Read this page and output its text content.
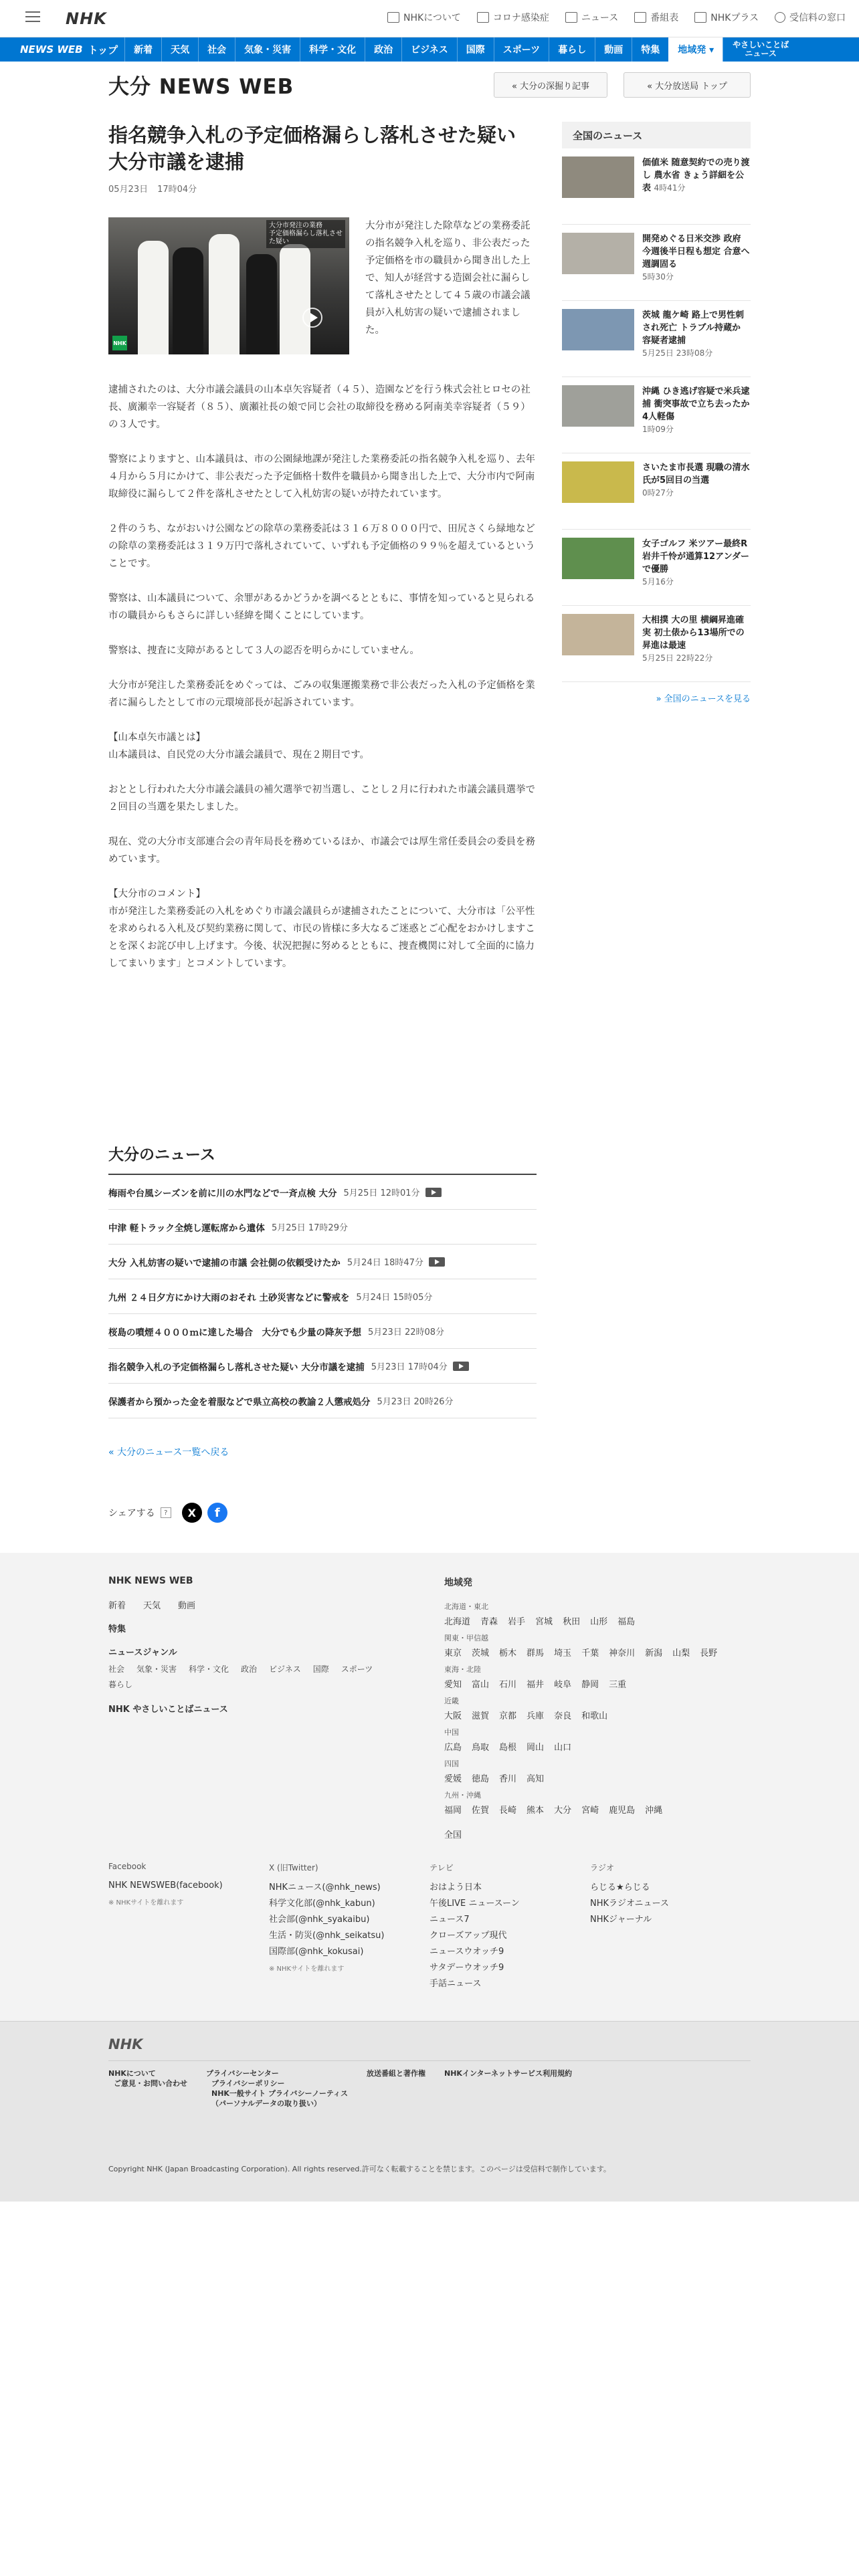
NHK	NHKについて	コロナ感染症	ニュース	番組表	NHKプラス	受信料の窓口
NEWS WEB トップ	新着	天気	社会	気象・災害	科学・文化	政治	ビジネス	国際	スポーツ	暮らし	動画	特集	地域発 ▾	やさしいことば
ニュース
大分 NEWS WEB	« 大分の深掘り記事	« 大分放送局 トップ
指名競争入札の予定価格漏らし落札させた疑い 大分市議を逮捕
05月23日 17時04分
大分市発注の業務
予定価格漏らし落札させた疑い
NHK
大分市が発注した除草などの業務委託の指名競争入札を巡り、非公表だった予定価格を市の職員から聞き出した上で、知人が経営する造園会社に漏らして落札させたとして４５歳の市議会議員が入札妨害の疑いで逮捕されました。

逮捕されたのは、大分市議会議員の山本卓矢容疑者（４５）、造園などを行う株式会社ヒロセの社長、廣瀬幸一容疑者（８５）、廣瀬社長の娘で同じ会社の取締役を務める阿南美幸容疑者（５９）の３人です。

警察によりますと、山本議員は、市の公園緑地課が発注した業務委託の指名競争入札を巡り、去年４月から５月にかけて、非公表だった予定価格十数件を職員から聞き出した上で、大分市内で阿南取締役に漏らして２件を落札させたとして入札妨害の疑いが持たれています。

２件のうち、ながおいけ公園などの除草の業務委託は３１６万８０００円で、田尻さくら緑地などの除草の業務委託は３１９万円で落札されていて、いずれも予定価格の９９％を超えているということです。

警察は、山本議員について、余罪があるかどうかを調べるとともに、事情を知っていると見られる市の職員からもさらに詳しい経緯を聞くことにしています。

警察は、捜査に支障があるとして３人の認否を明らかにしていません。

大分市が発注した業務委託をめぐっては、ごみの収集運搬業務で非公表だった入札の予定価格を業者に漏らしたとして市の元環境部長が起訴されています。

【山本卓矢市議とは】
山本議員は、自民党の大分市議会議員で、現在２期目です。

おととし行われた大分市議会議員の補欠選挙で初当選し、ことし２月に行われた市議会議員選挙で２回目の当選を果たしました。

現在、党の大分市支部連合会の青年局長を務めているほか、市議会では厚生常任委員会の委員を務めています。

【大分市のコメント】
市が発注した業務委託の入札をめぐり市議会議員らが逮捕されたことについて、大分市は「公平性を求められる入札及び契約業務に関して、市民の皆様に多大なるご迷惑とご心配をおかけしますことを深くお詫び申し上げます。今後、状況把握に努めるとともに、捜査機関に対して全面的に協力してまいります」とコメントしています。

全国のニュース
価値米 随意契約での売り渡し 農水省 きょう詳細を公表 4時41分
開発めぐる日米交渉 政府 今週後半日程も想定 合意へ週調固る
5時30分
茨城 龍ケ崎 路上で男性刺され死亡 トラブル持蔵か 容疑者逮捕
5月25日 23時08分
沖縄 ひき逃げ容疑で米兵逮捕 衝突事故で立ち去ったか 4人軽傷
1時09分
さいたま市長選 現職の清水氏が5回目の当選
0時27分
女子ゴルフ 米ツアー最終R 岩井千怜が通算12アンダーで優勝
5月16分
大相撲 大の里 横綱昇進確実 初土俵から13場所での昇進は最速
5月25日 22時22分
» 全国のニュースを見る
大分のニュース
梅雨や台風シーズンを前に川の水門などで一斉点検 大分 5月25日 12時01分
中津 軽トラック全焼し運転席から遺体 5月25日 17時29分
大分 入札妨害の疑いで逮捕の市議 会社側の依頼受けたか 5月24日 18時47分
九州 ２４日夕方にかけ大雨のおそれ 土砂災害などに警戒を 5月24日 15時05分
桜島の噴煙４０００ｍに達した場合　大分でも少量の降灰予想 5月23日 22時08分
指名競争入札の予定価格漏らし落札させた疑い 大分市議を逮捕 5月23日 17時04分
保護者から預かった金を着服などで県立高校の教諭２人懲戒処分 5月23日 20時26分
« 大分のニュース一覧へ戻る
シェアする	?	X	f
NHK NEWS WEB
新着 天気 動画
特集
ニュースジャンル
社会 気象・災害 科学・文化 政治 ビジネス 国際 スポーツ
暮らし
NHK やさしいことばニュース
地域発
北海道・東北
北海道 青森 岩手 宮城 秋田 山形 福島
関東・甲信越
東京 茨城 栃木 群馬 埼玉 千葉 神奈川 新潟 山梨 長野
東海・北陸
愛知 富山 石川 福井 岐阜 静岡 三重
近畿
大阪 滋賀 京都 兵庫 奈良 和歌山
中国
広島 鳥取 島根 岡山 山口
四国
愛媛 徳島 香川 高知
九州・沖縄
福岡 佐賀 長崎 熊本 大分 宮崎 鹿児島 沖縄
全国
Facebook
NHK NEWSWEB(facebook)
※ NHKサイトを離れます
X (旧Twitter)
NHKニュース(@nhk_news)
科学文化部(@nhk_kabun)
社会部(@nhk_syakaibu)
生活・防災(@nhk_seikatsu)
国際部(@nhk_kokusai)
※ NHKサイトを離れます
テレビ
おはよう日本
午後LIVE ニュースーン
ニュース7
クローズアップ現代
ニュースウオッチ9
サタデーウオッチ9
手話ニュース
ラジオ
らじる★らじる
NHKラジオニュース
NHKジャーナル
NHK
NHKについて
ご意見・お問い合わせ
プライバシーセンター
プライバシーポリシー
NHK一般サイト プライバシーノーティス
（パーソナルデータの取り扱い）
放送番組と著作権	NHKインターネットサービス利用規約
Copyright NHK (Japan Broadcasting Corporation). All rights reserved.許可なく転載することを禁じます。このページは受信料で制作しています。
